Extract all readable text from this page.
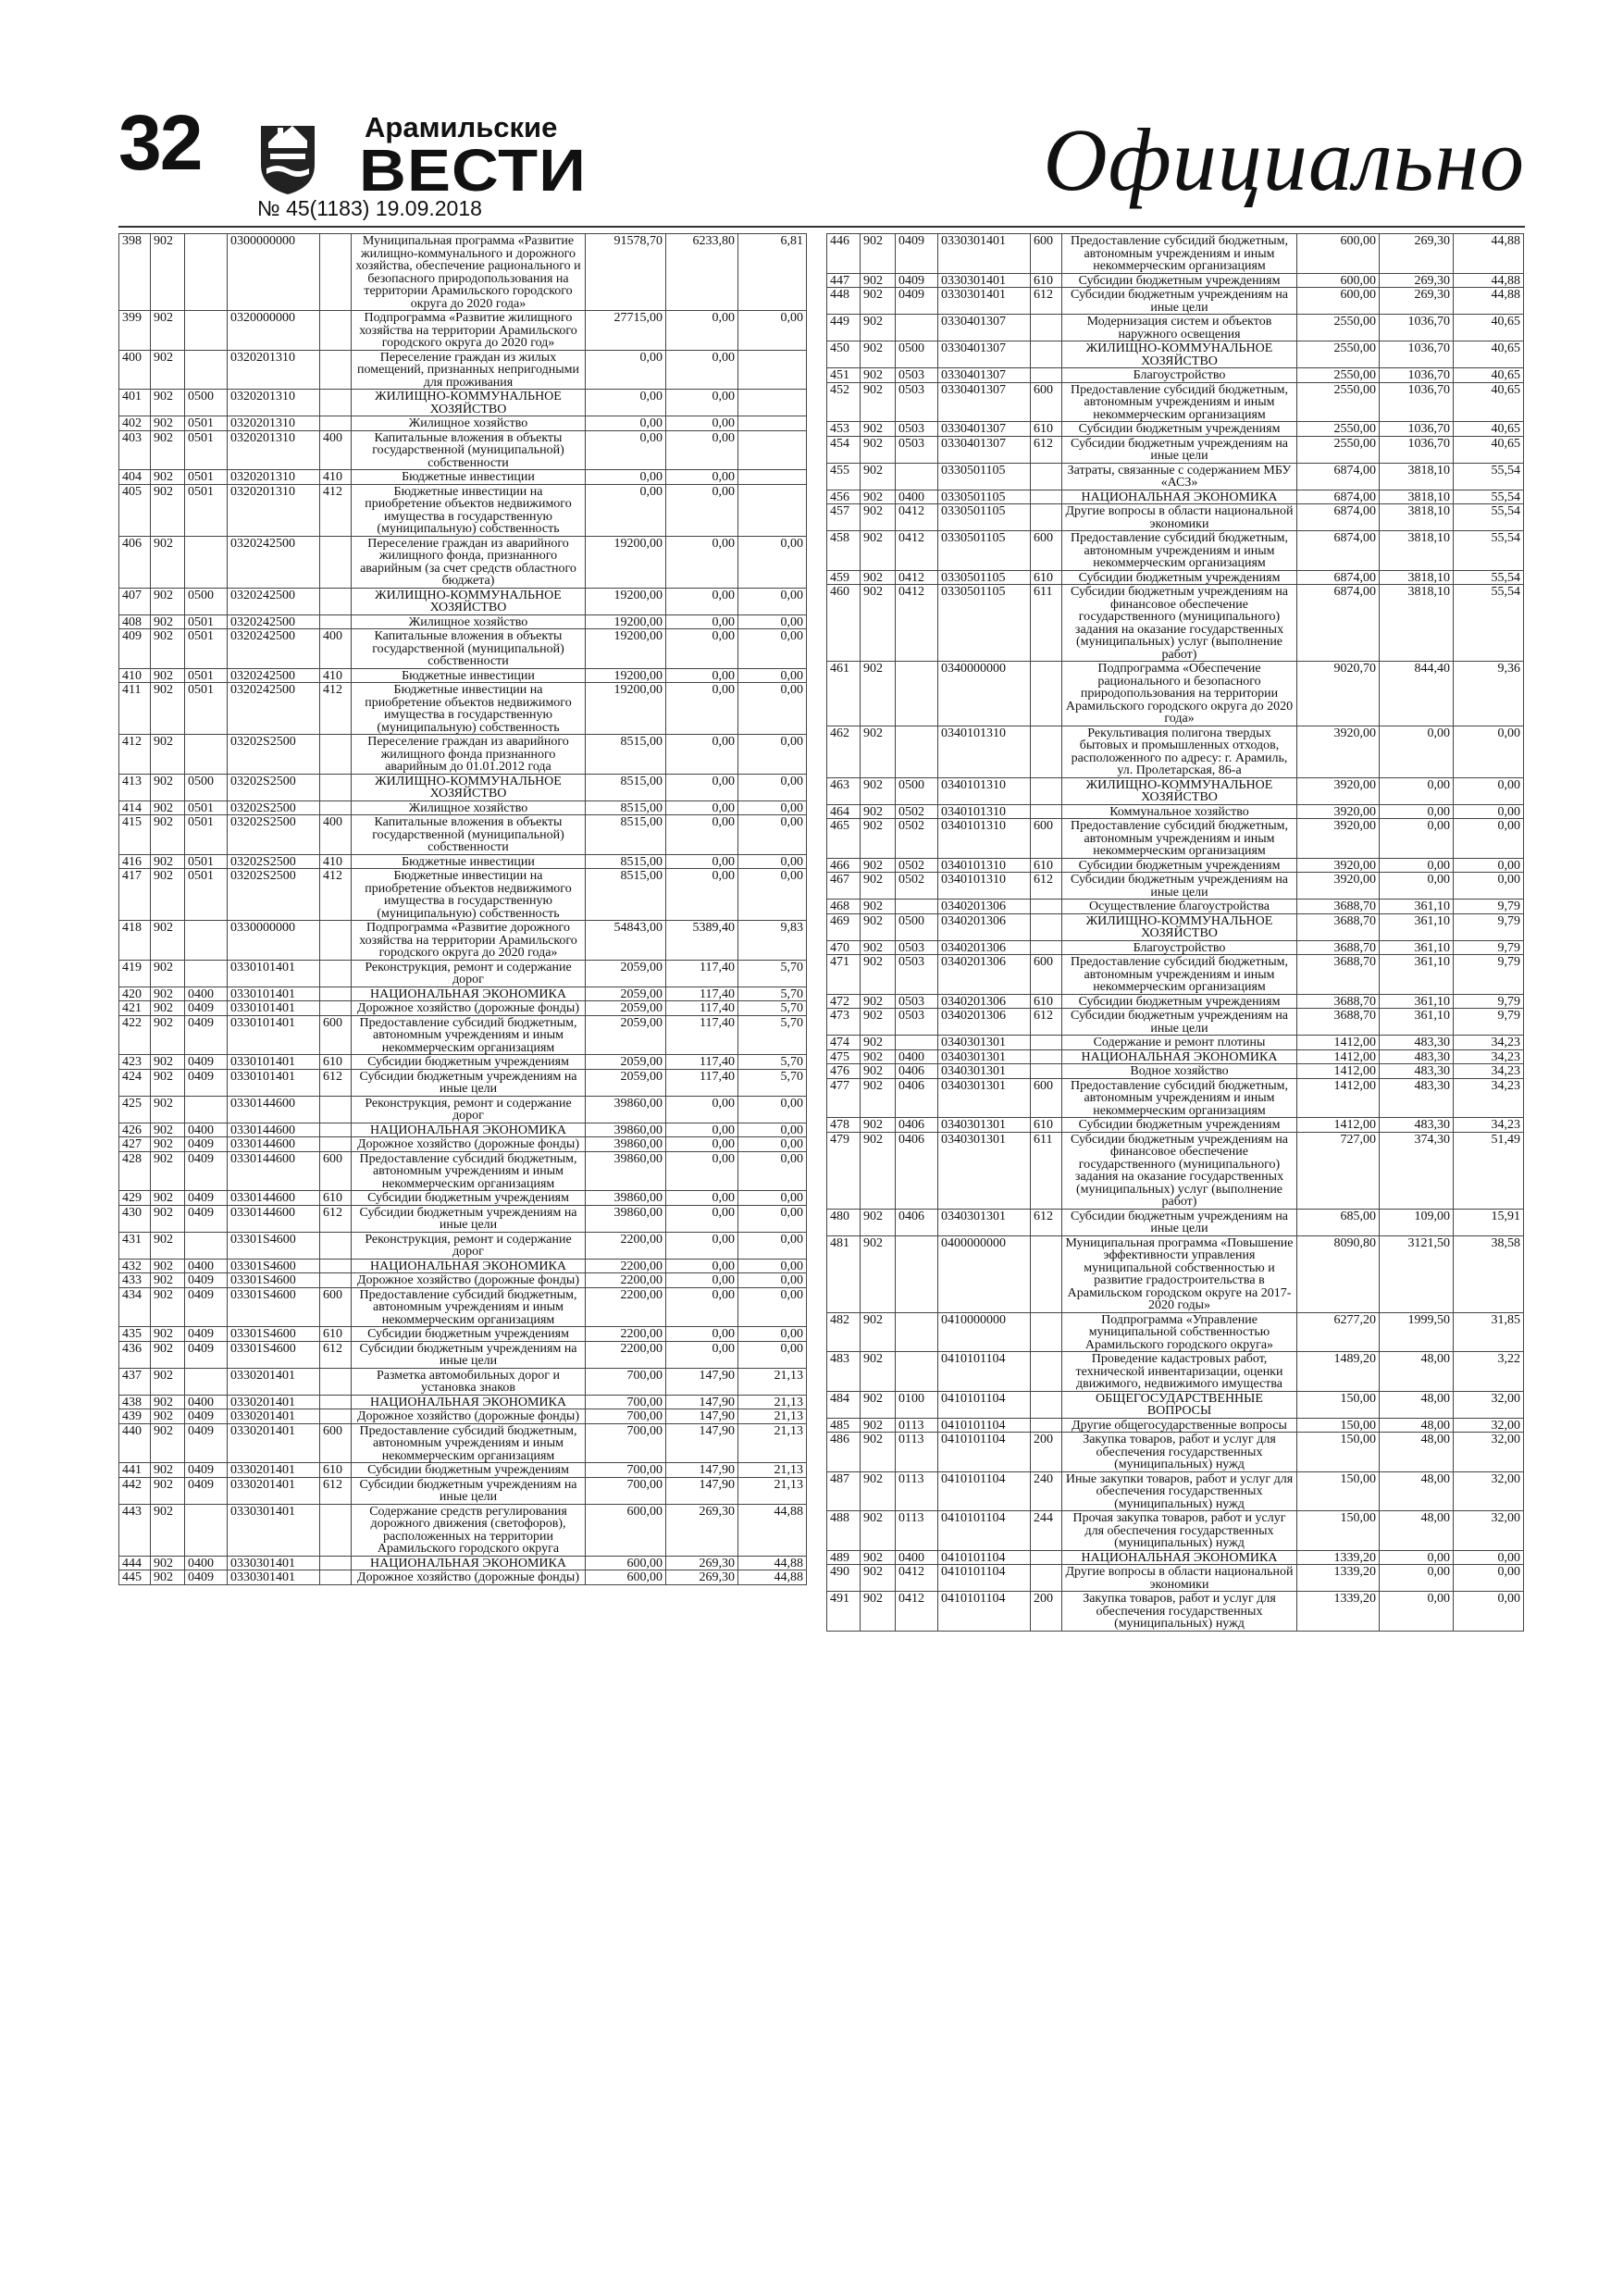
32	Арамильские
ВЕСТИ
№ 45(1183) 19.09.2018	Официально
398	902		0300000000		Муниципальная программа «Развитие жилищно-коммунального и дорожного хозяйства, обеспечение рационального и безопасного природопользования на территории Арамильского городского округа до 2020 года»	91578,70	6233,80	6,81
399	902		0320000000		Подпрограмма «Развитие жилищного хозяйства на территории Арамильского городского округа до 2020 год»	27715,00	0,00	0,00
400	902		0320201310		Переселение граждан из жилых помещений, признанных непригодными для проживания	0,00	0,00	
401	902	0500	0320201310		ЖИЛИЩНО-КОММУНАЛЬНОЕ ХОЗЯЙСТВО	0,00	0,00	
402	902	0501	0320201310		Жилищное хозяйство	0,00	0,00	
403	902	0501	0320201310	400	Капитальные вложения в объекты государственной (муниципальной) собственности	0,00	0,00	
404	902	0501	0320201310	410	Бюджетные инвестиции	0,00	0,00	
405	902	0501	0320201310	412	Бюджетные инвестиции на приобретение объектов недвижимого имущества в государственную (муниципальную) собственность	0,00	0,00	
406	902		0320242500		Переселение граждан из аварийного жилищного фонда, признанного аварийным (за счет средств областного бюджета)	19200,00	0,00	0,00
407	902	0500	0320242500		ЖИЛИЩНО-КОММУНАЛЬНОЕ ХОЗЯЙСТВО	19200,00	0,00	0,00
408	902	0501	0320242500		Жилищное хозяйство	19200,00	0,00	0,00
409	902	0501	0320242500	400	Капитальные вложения в объекты государственной (муниципальной) собственности	19200,00	0,00	0,00
410	902	0501	0320242500	410	Бюджетные инвестиции	19200,00	0,00	0,00
411	902	0501	0320242500	412	Бюджетные инвестиции на приобретение объектов недвижимого имущества в государственную (муниципальную) собственность	19200,00	0,00	0,00
412	902		03202S2500		Переселение граждан из аварийного жилищного фонда признанного аварийным до 01.01.2012 года	8515,00	0,00	0,00
413	902	0500	03202S2500		ЖИЛИЩНО-КОММУНАЛЬНОЕ ХОЗЯЙСТВО	8515,00	0,00	0,00
414	902	0501	03202S2500		Жилищное хозяйство	8515,00	0,00	0,00
415	902	0501	03202S2500	400	Капитальные вложения в объекты государственной (муниципальной) собственности	8515,00	0,00	0,00
416	902	0501	03202S2500	410	Бюджетные инвестиции	8515,00	0,00	0,00
417	902	0501	03202S2500	412	Бюджетные инвестиции на приобретение объектов недвижимого имущества в государственную (муниципальную) собственность	8515,00	0,00	0,00
418	902		0330000000		Подпрограмма «Развитие дорожного хозяйства на территории Арамильского городского округа до 2020 года»	54843,00	5389,40	9,83
419	902		0330101401		Реконструкция, ремонт и содержание дорог	2059,00	117,40	5,70
420	902	0400	0330101401		НАЦИОНАЛЬНАЯ ЭКОНОМИКА	2059,00	117,40	5,70
421	902	0409	0330101401		Дорожное хозяйство (дорожные фонды)	2059,00	117,40	5,70
422	902	0409	0330101401	600	Предоставление субсидий бюджетным, автономным учреждениям и иным некоммерческим организациям	2059,00	117,40	5,70
423	902	0409	0330101401	610	Субсидии бюджетным учреждениям	2059,00	117,40	5,70
424	902	0409	0330101401	612	Субсидии бюджетным учреждениям на иные цели	2059,00	117,40	5,70
425	902		0330144600		Реконструкция, ремонт и содержание дорог	39860,00	0,00	0,00
426	902	0400	0330144600		НАЦИОНАЛЬНАЯ ЭКОНОМИКА	39860,00	0,00	0,00
427	902	0409	0330144600		Дорожное хозяйство (дорожные фонды)	39860,00	0,00	0,00
428	902	0409	0330144600	600	Предоставление субсидий бюджетным, автономным учреждениям и иным некоммерческим организациям	39860,00	0,00	0,00
429	902	0409	0330144600	610	Субсидии бюджетным учреждениям	39860,00	0,00	0,00
430	902	0409	0330144600	612	Субсидии бюджетным учреждениям на иные цели	39860,00	0,00	0,00
431	902		03301S4600		Реконструкция, ремонт и содержание дорог	2200,00	0,00	0,00
432	902	0400	03301S4600		НАЦИОНАЛЬНАЯ ЭКОНОМИКА	2200,00	0,00	0,00
433	902	0409	03301S4600		Дорожное хозяйство (дорожные фонды)	2200,00	0,00	0,00
434	902	0409	03301S4600	600	Предоставление субсидий бюджетным, автономным учреждениям и иным некоммерческим организациям	2200,00	0,00	0,00
435	902	0409	03301S4600	610	Субсидии бюджетным учреждениям	2200,00	0,00	0,00
436	902	0409	03301S4600	612	Субсидии бюджетным учреждениям на иные цели	2200,00	0,00	0,00
437	902		0330201401		Разметка автомобильных дорог и установка знаков	700,00	147,90	21,13
438	902	0400	0330201401		НАЦИОНАЛЬНАЯ ЭКОНОМИКА	700,00	147,90	21,13
439	902	0409	0330201401		Дорожное хозяйство (дорожные фонды)	700,00	147,90	21,13
440	902	0409	0330201401	600	Предоставление субсидий бюджетным, автономным учреждениям и иным некоммерческим организациям	700,00	147,90	21,13
441	902	0409	0330201401	610	Субсидии бюджетным учреждениям	700,00	147,90	21,13
442	902	0409	0330201401	612	Субсидии бюджетным учреждениям на иные цели	700,00	147,90	21,13
443	902		0330301401		Содержание средств регулирования дорожного движения (светофоров), расположенных на территории Арамильского городского округа	600,00	269,30	44,88
444	902	0400	0330301401		НАЦИОНАЛЬНАЯ ЭКОНОМИКА	600,00	269,30	44,88
445	902	0409	0330301401		Дорожное хозяйство (дорожные фонды)	600,00	269,30	44,88
446	902	0409	0330301401	600	Предоставление субсидий бюджетным, автономным учреждениям и иным некоммерческим организациям	600,00	269,30	44,88
447	902	0409	0330301401	610	Субсидии бюджетным учреждениям	600,00	269,30	44,88
448	902	0409	0330301401	612	Субсидии бюджетным учреждениям на иные цели	600,00	269,30	44,88
449	902		0330401307		Модернизация систем и объектов наружного освещения	2550,00	1036,70	40,65
450	902	0500	0330401307		ЖИЛИЩНО-КОММУНАЛЬНОЕ ХОЗЯЙСТВО	2550,00	1036,70	40,65
451	902	0503	0330401307		Благоустройство	2550,00	1036,70	40,65
452	902	0503	0330401307	600	Предоставление субсидий бюджетным, автономным учреждениям и иным некоммерческим организациям	2550,00	1036,70	40,65
453	902	0503	0330401307	610	Субсидии бюджетным учреждениям	2550,00	1036,70	40,65
454	902	0503	0330401307	612	Субсидии бюджетным учреждениям на иные цели	2550,00	1036,70	40,65
455	902		0330501105		Затраты, связанные с содержанием МБУ «АСЗ»	6874,00	3818,10	55,54
456	902	0400	0330501105		НАЦИОНАЛЬНАЯ ЭКОНОМИКА	6874,00	3818,10	55,54
457	902	0412	0330501105		Другие вопросы в области национальной экономики	6874,00	3818,10	55,54
458	902	0412	0330501105	600	Предоставление субсидий бюджетным, автономным учреждениям и иным некоммерческим организациям	6874,00	3818,10	55,54
459	902	0412	0330501105	610	Субсидии бюджетным учреждениям	6874,00	3818,10	55,54
460	902	0412	0330501105	611	Субсидии бюджетным учреждениям на финансовое обеспечение государственного (муниципального) задания на оказание государственных (муниципальных) услуг (выполнение работ)	6874,00	3818,10	55,54
461	902		0340000000		Подпрограмма «Обеспечение рационального и безопасного природопользования на территории Арамильского городского округа до 2020 года»	9020,70	844,40	9,36
462	902		0340101310		Рекультивация полигона твердых бытовых и промышленных отходов, расположенного по адресу: г. Арамиль, ул. Пролетарская, 86-а	3920,00	0,00	0,00
463	902	0500	0340101310		ЖИЛИЩНО-КОММУНАЛЬНОЕ ХОЗЯЙСТВО	3920,00	0,00	0,00
464	902	0502	0340101310		Коммунальное хозяйство	3920,00	0,00	0,00
465	902	0502	0340101310	600	Предоставление субсидий бюджетным, автономным учреждениям и иным некоммерческим организациям	3920,00	0,00	0,00
466	902	0502	0340101310	610	Субсидии бюджетным учреждениям	3920,00	0,00	0,00
467	902	0502	0340101310	612	Субсидии бюджетным учреждениям на иные цели	3920,00	0,00	0,00
468	902		0340201306		Осуществление благоустройства	3688,70	361,10	9,79
469	902	0500	0340201306		ЖИЛИЩНО-КОММУНАЛЬНОЕ ХОЗЯЙСТВО	3688,70	361,10	9,79
470	902	0503	0340201306		Благоустройство	3688,70	361,10	9,79
471	902	0503	0340201306	600	Предоставление субсидий бюджетным, автономным учреждениям и иным некоммерческим организациям	3688,70	361,10	9,79
472	902	0503	0340201306	610	Субсидии бюджетным учреждениям	3688,70	361,10	9,79
473	902	0503	0340201306	612	Субсидии бюджетным учреждениям на иные цели	3688,70	361,10	9,79
474	902		0340301301		Содержание и ремонт плотины	1412,00	483,30	34,23
475	902	0400	0340301301		НАЦИОНАЛЬНАЯ ЭКОНОМИКА	1412,00	483,30	34,23
476	902	0406	0340301301		Водное хозяйство	1412,00	483,30	34,23
477	902	0406	0340301301	600	Предоставление субсидий бюджетным, автономным учреждениям и иным некоммерческим организациям	1412,00	483,30	34,23
478	902	0406	0340301301	610	Субсидии бюджетным учреждениям	1412,00	483,30	34,23
479	902	0406	0340301301	611	Субсидии бюджетным учреждениям на финансовое обеспечение государственного (муниципального) задания на оказание государственных (муниципальных) услуг (выполнение работ)	727,00	374,30	51,49
480	902	0406	0340301301	612	Субсидии бюджетным учреждениям на иные цели	685,00	109,00	15,91
481	902		0400000000		Муниципальная программа «Повышение эффективности управления муниципальной собственностью и развитие градостроительства в Арамильском городском округе на 2017-2020 годы»	8090,80	3121,50	38,58
482	902		0410000000		Подпрограмма «Управление муниципальной собственностью Арамильского городского округа»	6277,20	1999,50	31,85
483	902		0410101104		Проведение кадастровых работ, технической инвентаризации, оценки движимого, недвижимого имущества	1489,20	48,00	3,22
484	902	0100	0410101104		ОБЩЕГОСУДАРСТВЕННЫЕ ВОПРОСЫ	150,00	48,00	32,00
485	902	0113	0410101104		Другие общегосударственные вопросы	150,00	48,00	32,00
486	902	0113	0410101104	200	Закупка товаров, работ и услуг для обеспечения государственных (муниципальных) нужд	150,00	48,00	32,00
487	902	0113	0410101104	240	Иные закупки товаров, работ и услуг для обеспечения государственных (муниципальных) нужд	150,00	48,00	32,00
488	902	0113	0410101104	244	Прочая закупка товаров, работ и услуг для обеспечения государственных (муниципальных) нужд	150,00	48,00	32,00
489	902	0400	0410101104		НАЦИОНАЛЬНАЯ ЭКОНОМИКА	1339,20	0,00	0,00
490	902	0412	0410101104		Другие вопросы в области национальной экономики	1339,20	0,00	0,00
491	902	0412	0410101104	200	Закупка товаров, работ и услуг для обеспечения государственных (муниципальных) нужд	1339,20	0,00	0,00
